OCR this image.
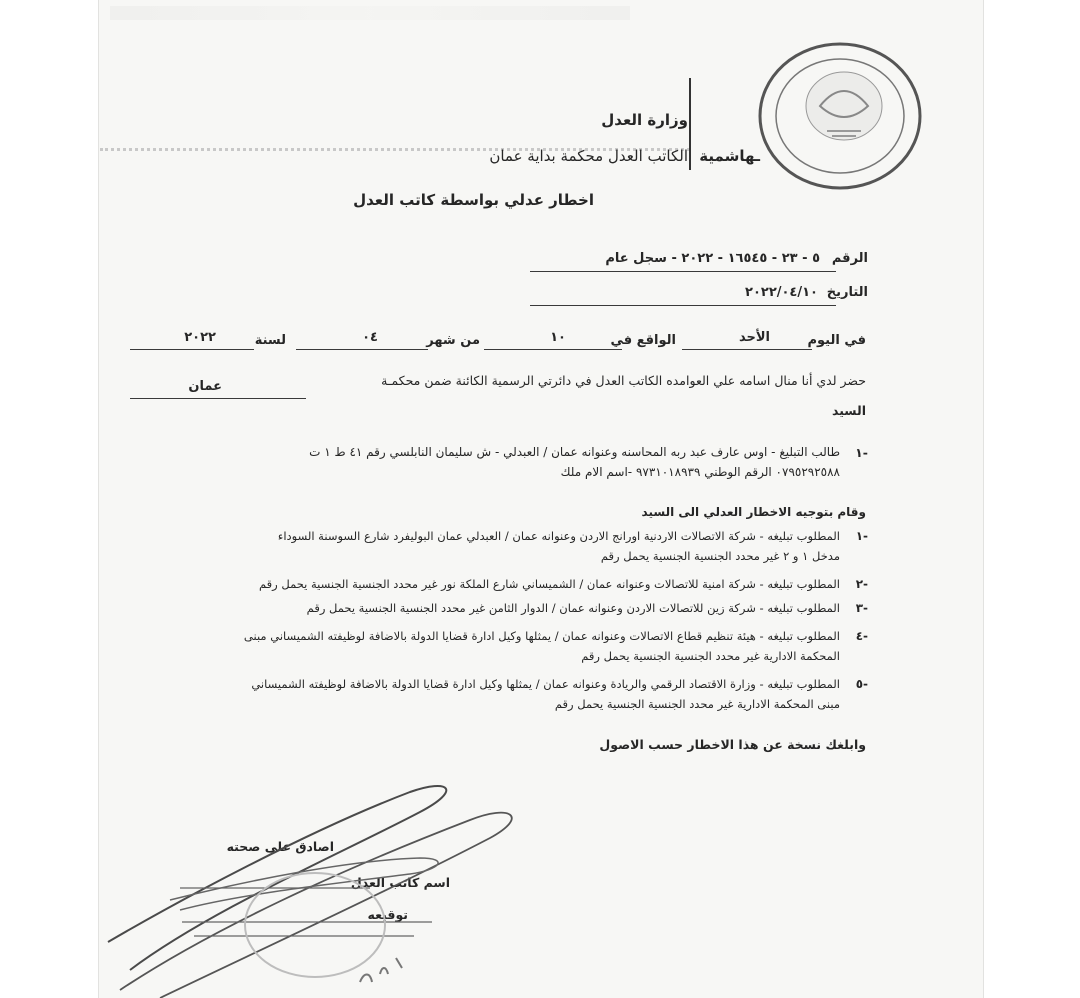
وزارة العدل
ـهاشمية
الكاتب العدل محكمة بداية عمان
اخطار عدلي بواسطة كاتب العدل
الرقم
٥ - ٢٣ - ١٦٥٤٥ - ٢٠٢٢ - سجل عام
التاريخ
٢٠٢٢/٠٤/١٠
في اليوم
الأحد
الواقع في
١٠
من شهر
٠٤
لسنة
٢٠٢٢
حضر لدي أنا منال اسامه علي العوامده الكاتب العدل في دائرتي الرسمية الكائنة ضمن محكمـة
عمان
السيد
-١
طالب التبليغ - اوس عارف عبد ربه المحاسنه وعنوانه عمان / العبدلي - ش سليمان النابلسي رقم ٤١ ط ١ ت
٠٧٩٥٢٩٢٥٨٨ الرقم الوطني ٩٧٣١٠١٨٩٣٩ -اسم الام ملك
وقام بتوجيه الاخطار العدلي الى السيد
-١
المطلوب تبليغه - شركة الاتصالات الاردنية اورانج الاردن وعنوانه عمان / العبدلي عمان البوليفرد شارع السوسنة السوداء
مدخل ١ و ٢ غير محدد الجنسية الجنسية يحمل رقم
-٢
المطلوب تبليغه - شركة امنية للاتصالات وعنوانه عمان / الشميساني شارع الملكة نور غير محدد الجنسية الجنسية يحمل رقم
-٣
المطلوب تبليغه - شركة زين للاتصالات الاردن وعنوانه عمان / الدوار الثامن غير محدد الجنسية الجنسية يحمل رقم
-٤
المطلوب تبليغه - هيئة تنظيم قطاع الاتصالات وعنوانه عمان / يمثلها وكيل ادارة قضايا الدولة بالاضافة لوظيفته الشميساني مبنى
المحكمة الادارية غير محدد الجنسية الجنسية يحمل رقم
-٥
المطلوب تبليغه - وزارة الاقتصاد الرقمي والريادة وعنوانه عمان / يمثلها وكيل ادارة قضايا الدولة بالاضافة لوظيفته الشميساني
مبنى المحكمة الادارية غير محدد الجنسية الجنسية يحمل رقم
وابلغك نسخة عن هذا الاخطار حسب الاصول
اصادق على صحته
اسم كاتب العدل
توقيعه
